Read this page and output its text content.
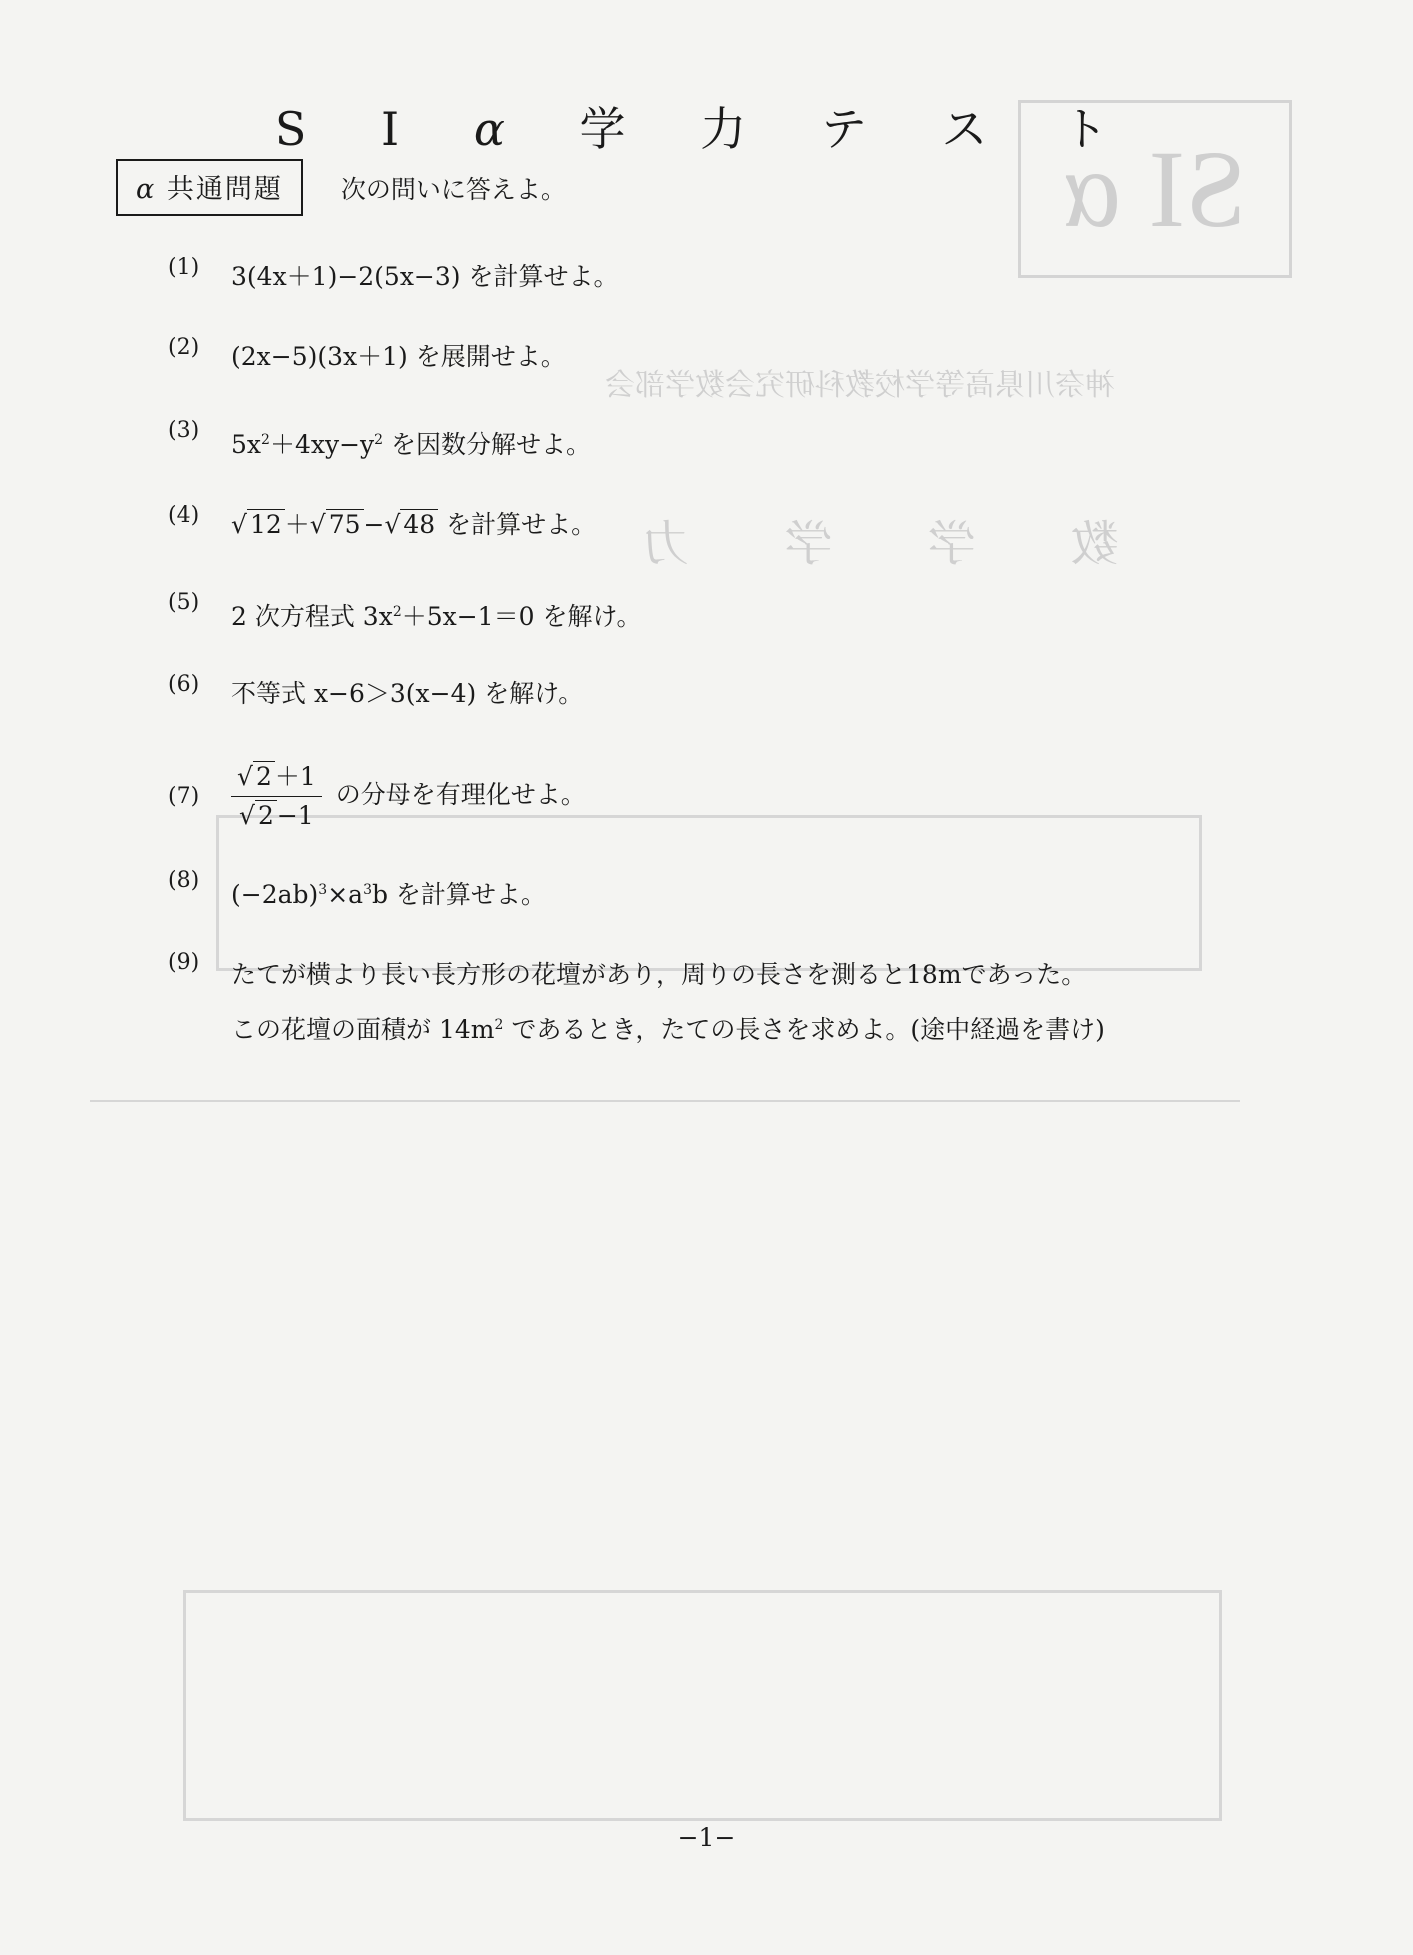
SI α
神奈川県高等学校教科研究会数学部会
数 学 学 力
S I α 学 力 テ ス ト
α 共通問題	次の問いに答えよ。
(1)	3(4x＋1)−2(5x−3) を計算せよ。
(2)	(2x−5)(3x＋1) を展開せよ。
(3)	$5x^2+4xy-y^2$ を因数分解せよ。
(4)	√ 12 ＋ √ 75 − √ 48 を計算せよ。
(5)	2 次方程式 $3x^2+5x-1=0$ を解け。
(6)	不等式 x−6＞3(x−4) を解け。
(7)	√ 2 ＋1
√ 2 −1 の分母を有理化せよ。
(8)	$(-2ab)^3\times a^3b$ を計算せよ。
(9)	たてが横より長い長方形の花壇があり，周りの長さを測ると18mであった。
この花壇の面積が $14m^2$ であるとき，たての長さを求めよ。(途中経過を書け)
−1−
